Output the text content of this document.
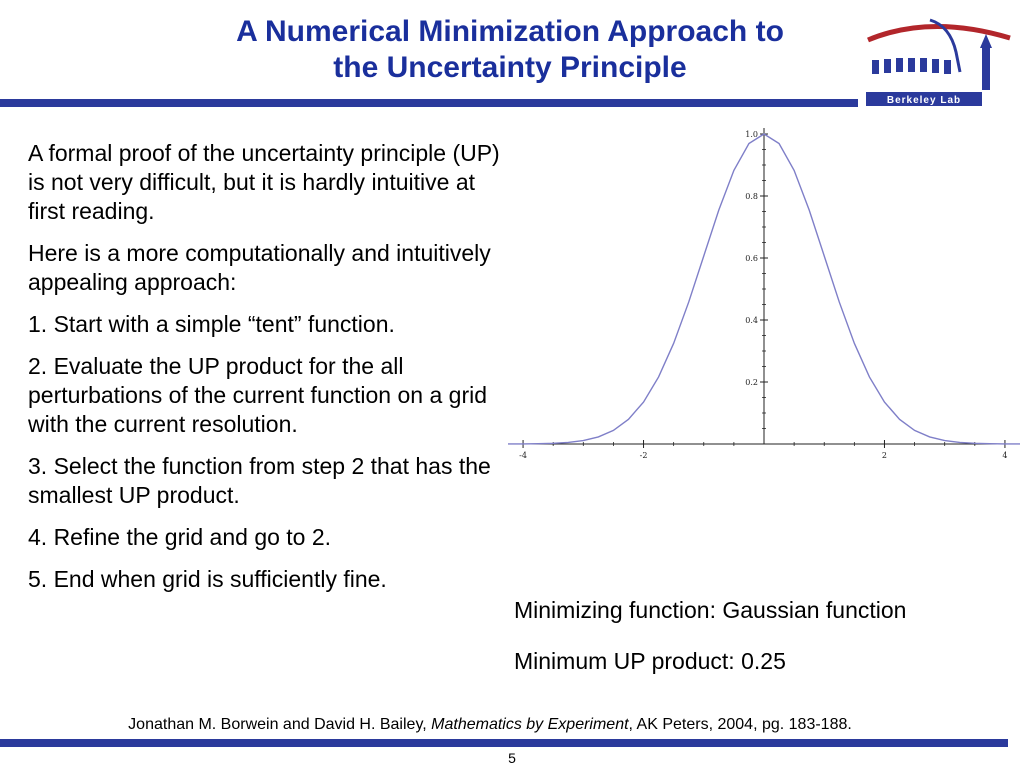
A Numerical Minimization Approach to
the Uncertainty Principle
Berkeley Lab

A formal proof of the uncertainty principle (UP) is not very difficult, but it is hardly intuitive at first reading.

Here is a more computationally and intuitively appealing approach:

1. Start with a simple “tent” function.

2. Evaluate the UP product for the all perturbations of the current function on a grid with the current resolution.

3. Select the function from step 2 that has the smallest UP product.

4. Refine the grid and go to 2.

5. End when grid is sufficiently fine.

-4	-2	2	4
0.2
0.4
0.6
0.8
1.0
Minimizing function: Gaussian function
Minimum UP product: 0.25
Jonathan M. Borwein and David H. Bailey, Mathematics by Experiment, AK Peters, 2004, pg. 183-188.
5
